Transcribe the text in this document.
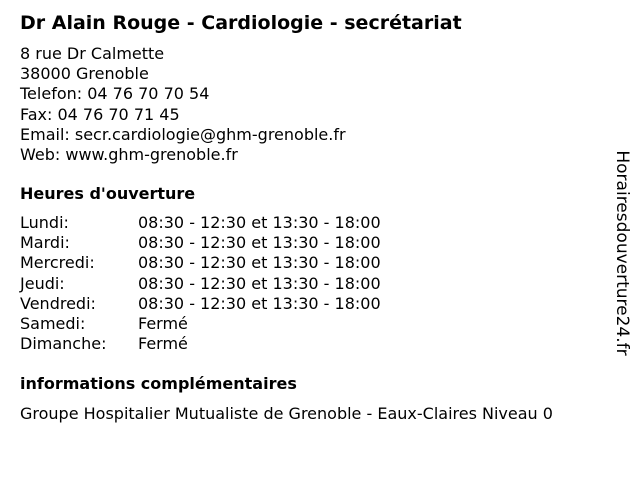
Dr Alain Rouge - Cardiologie - secrétariat
8 rue Dr Calmette
38000 Grenoble
Telefon: 04 76 70 70 54
Fax: 04 76 70 71 45
Email: secr.cardiologie@ghm-grenoble.fr
Web: www.ghm-grenoble.fr
Heures d'ouverture
Lundi:	08:30 - 12:30 et 13:30 - 18:00
Mardi:	08:30 - 12:30 et 13:30 - 18:00
Mercredi:	08:30 - 12:30 et 13:30 - 18:00
Jeudi:	08:30 - 12:30 et 13:30 - 18:00
Vendredi:	08:30 - 12:30 et 13:30 - 18:00
Samedi:	Fermé
Dimanche:	Fermé
informations complémentaires
Groupe Hospitalier Mutualiste de Grenoble - Eaux-Claires Niveau 0
Horairesdouverture24.fr
